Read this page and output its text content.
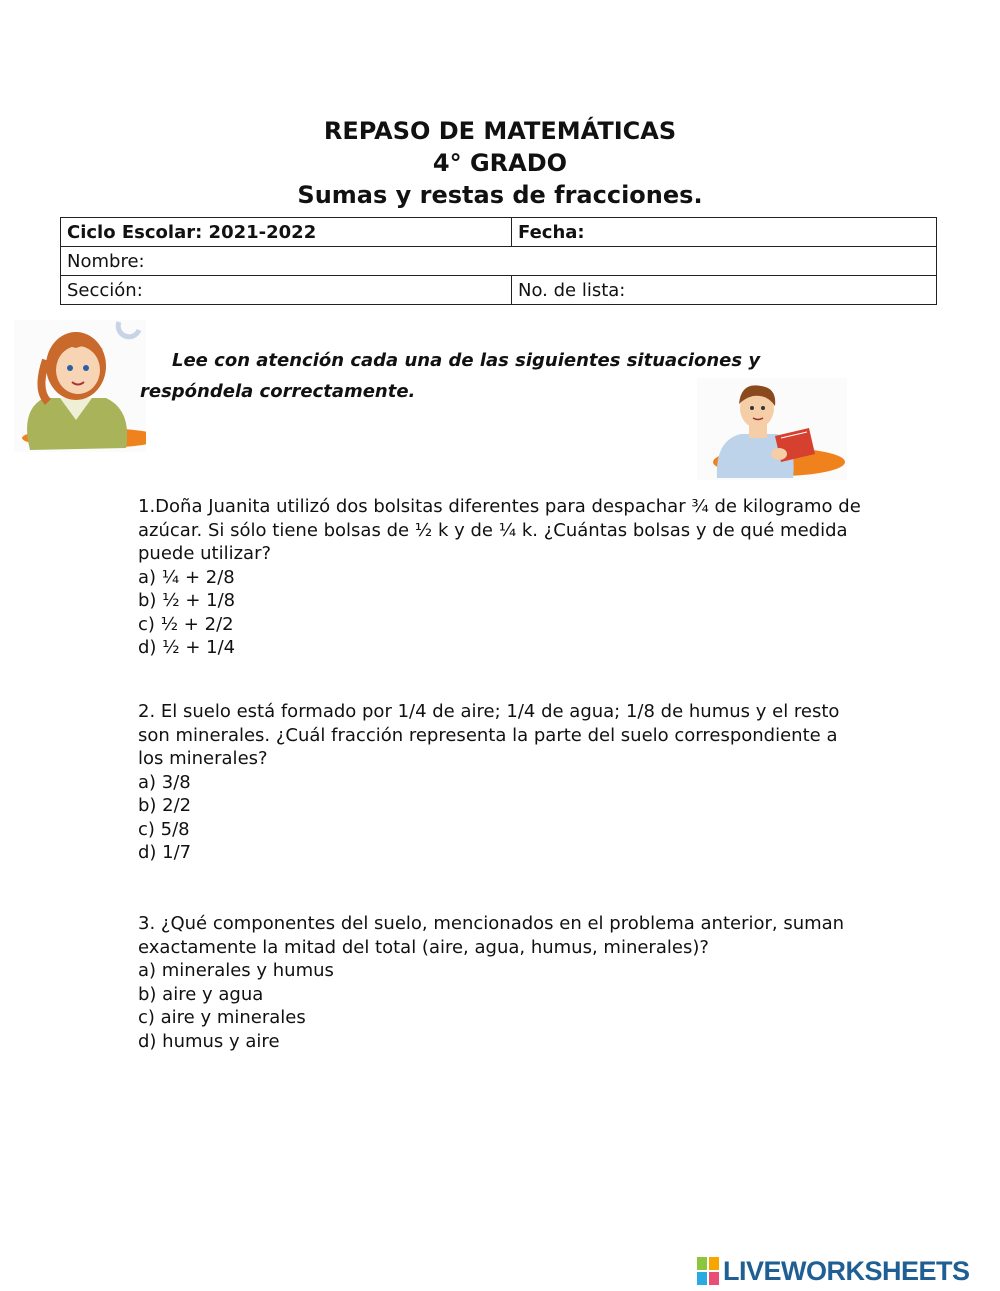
REPASO DE MATEMÁTICAS
4° GRADO
Sumas y restas de fracciones.
Ciclo Escolar: 2021-2022	Fecha:
Nombre:	
Sección:	No. de lista:
Lee con atención cada una de las siguientes situaciones y
respóndela correctamente.

1.Doña Juanita utilizó dos bolsitas diferentes para despachar ¾ de kilogramo de azúcar. Si sólo tiene bolsas de ½ k y de ¼ k. ¿Cuántas bolsas y de qué medida puede utilizar?

a) ¼ + 2/8

b) ½ + 1/8

c) ½ + 2/2

d) ½ + 1/4

2. El suelo está formado por 1/4 de aire; 1/4 de agua; 1/8 de humus y el resto son minerales. ¿Cuál fracción representa la parte del suelo correspondiente a los minerales?

a) 3/8

b) 2/2

c) 5/8

d) 1/7

3. ¿Qué componentes del suelo, mencionados en el problema anterior, suman exactamente la mitad del total (aire, agua, humus, minerales)?

a) minerales y humus

b) aire y agua

c) aire y minerales

d) humus y aire

LIVEWORKSHEETS
